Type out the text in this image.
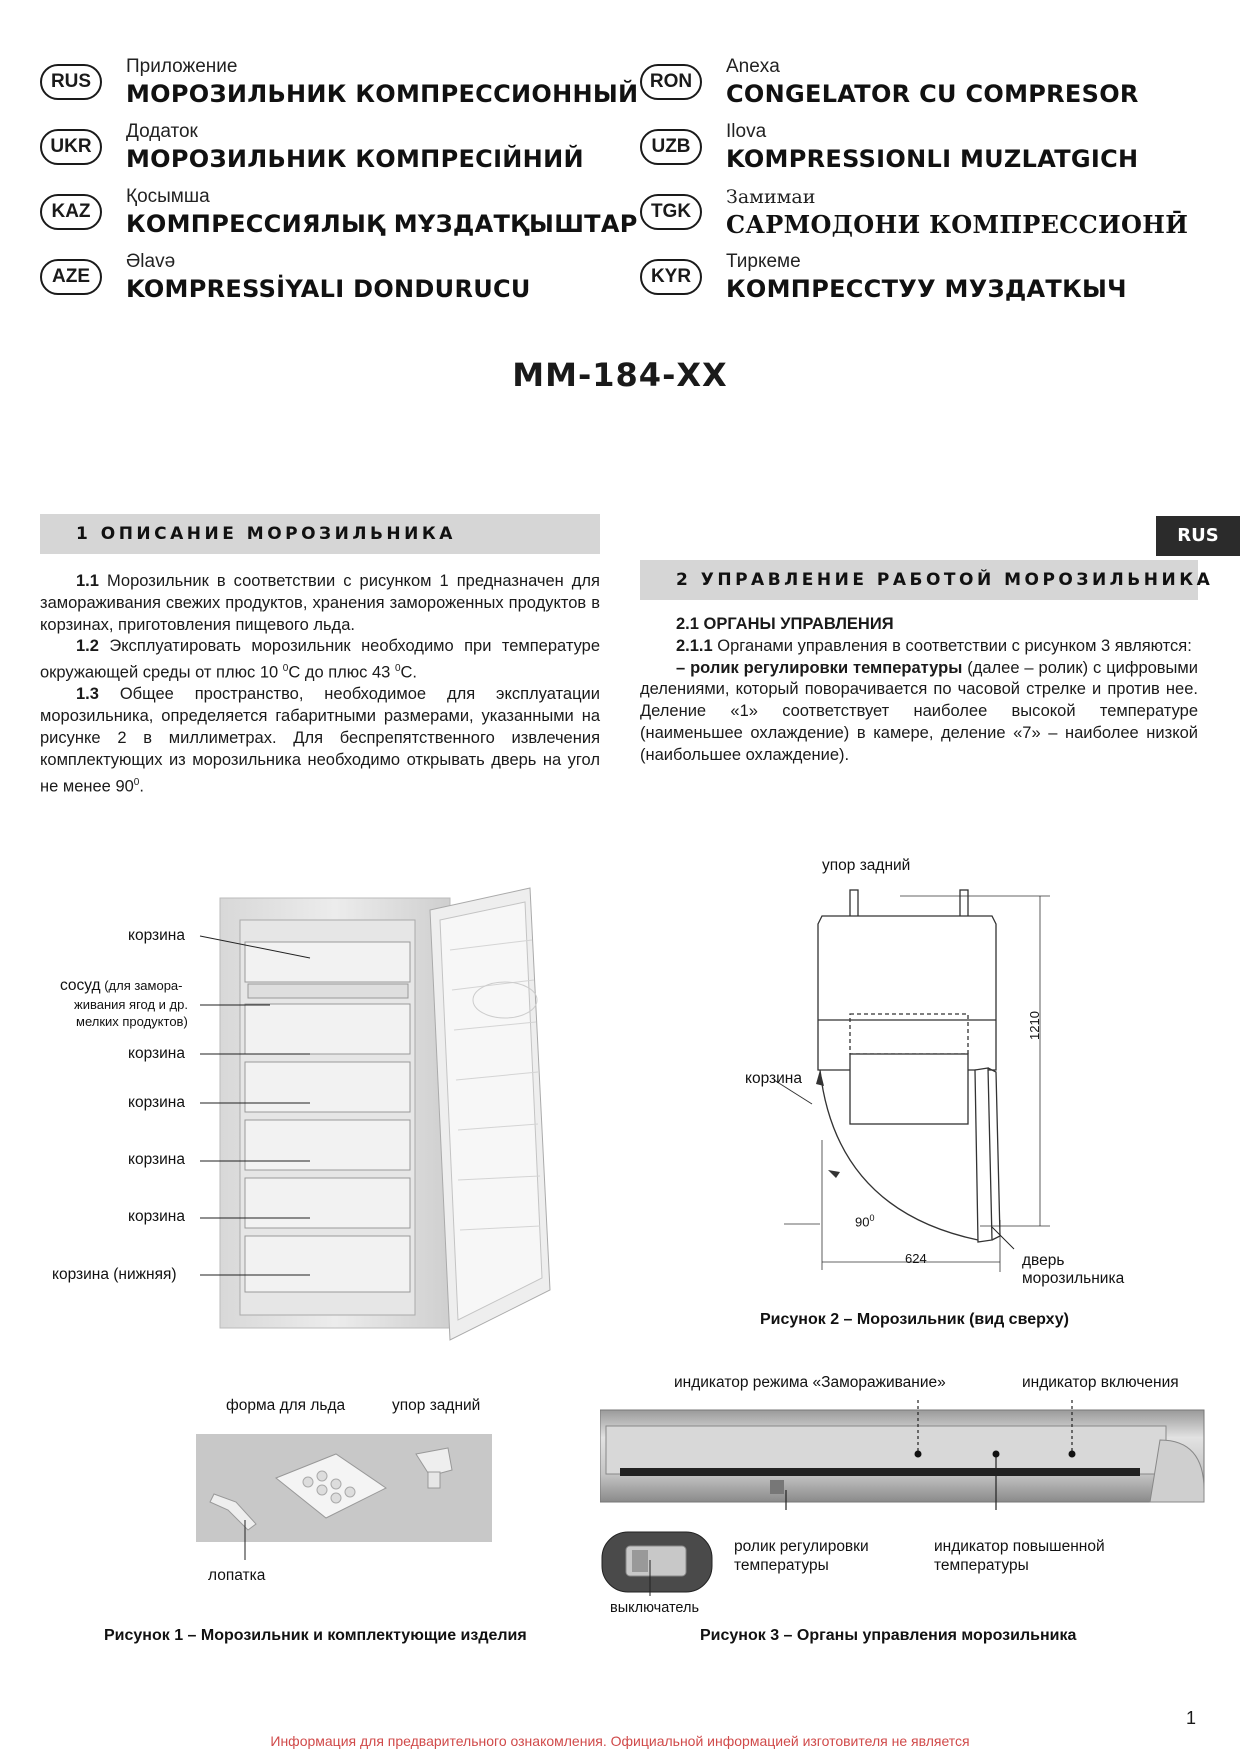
RUS
Приложение
МОРОЗИЛЬНИК КОМПРЕССИОННЫЙ
UKR
Додаток
МОРОЗИЛЬНИК КОМПРЕСІЙНИЙ
KAZ
Қосымша
КОМПРЕССИЯЛЫҚ МҰЗДАТҚЫШТАР
AZE
Əlavə
KOMPRESSİYALI DONDURUCU
RON
Anexa
CONGELATOR CU COMPRESOR
UZB
Ilova
KOMPRESSIONLI MUZLATGICH
TGK
Замимаи
САРМОДОНИ КОМПРЕССИОНӢ
KYR
Тиркеме
КОМПРЕССТУУ МУЗДАТКЫЧ
ММ-184-ХХ
1 ОПИСАНИЕ МОРОЗИЛЬНИКА	RUS

1.1 Морозильник в соответствии с рисунком 1 предназначен для замораживания свежих продуктов, хранения замороженных продуктов в корзинах, приготовления пищевого льда.

1.2 Эксплуатировать морозильник необходимо при температуре окружающей среды от плюс 10 $^0$С до плюс 43 $^0$С.

1.3 Общее пространство, необходимое для эксплуатации морозильника, определяется габаритными размерами, указанными на рисунке 2 в миллиметрах. Для беспрепятственного извлечения комплектующих из морозильника необходимо открывать дверь на угол не менее $90^0$.

2 УПРАВЛЕНИЕ РАБОТОЙ МОРОЗИЛЬНИКА

2.1 ОРГАНЫ УПРАВЛЕНИЯ

2.1.1 Органами управления в соответствии с рисунком 3 являются:

– ролик регулировки температуры (далее – ролик) с цифровыми делениями, который поворачивается по часовой стрелке и против нее. Деление «1» соответствует наиболее высокой температуре (наименьшее охлаждение) в камере, деление «7» – наиболее низкой (наибольшее охлаждение).

корзина
сосуд (для замора-
живания ягод и др.
мелких продуктов)
корзина
корзина
корзина
корзина
корзина (нижняя)
форма для льда	упор задний
лопатка
Рисунок 1 – Морозильник и комплектующие изделия
упор задний
корзина
1210
$90^0$
624	дверь
морозильника
Рисунок 2 – Морозильник (вид сверху)
индикатор режима «Замораживание»	индикатор включения
ролик регулировки
температуры
индикатор повышенной
температуры
выключатель
Рисунок 3 – Органы управления морозильника
1
Информация для предварительного ознакомления. Официальной информацией изготовителя не является
